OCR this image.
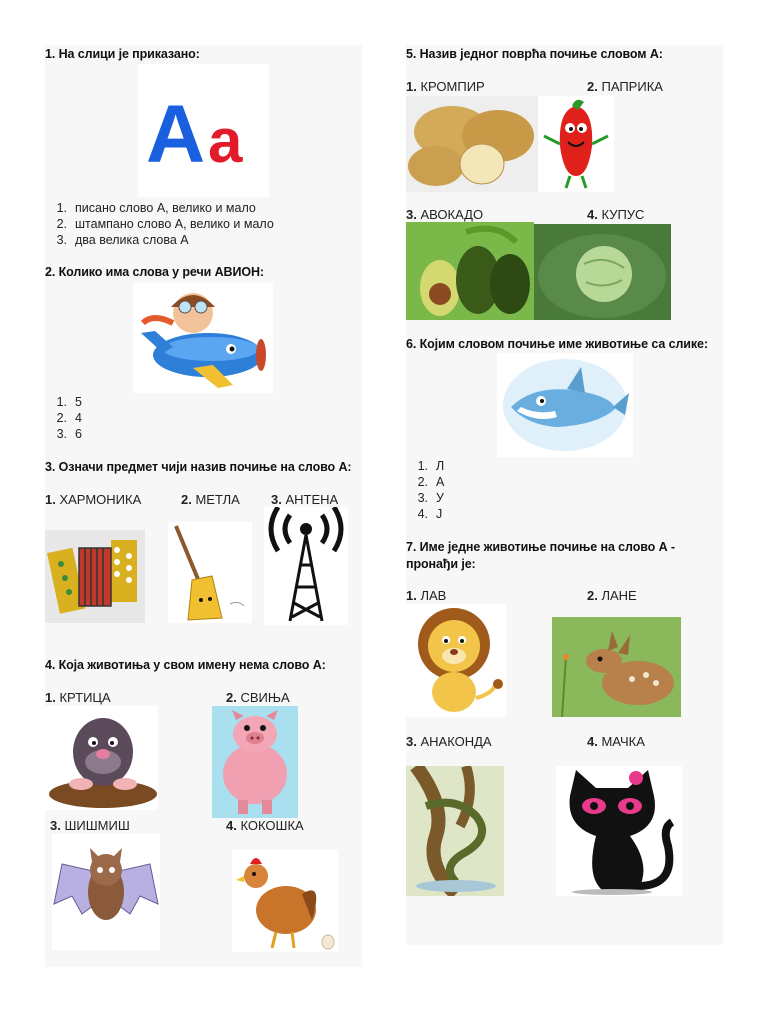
1. На слици је приказано:
A a
1. писано слово А, велико и мало
2. штампано слово А, велико и мало
3. два велика слова А
2. Колико има слова у речи АВИОН:
1. 5
2. 4
3. 6
3. Означи предмет чији назив почиње на слово А:
1. ХАРМОНИКА	2. МЕТЛА 3. АНТЕНА
4. Која животиња у свом имену нема слово А:
1. КРТИЦА	2. СВИЊА
3. ШИШМИШ	4. КОКОШКА
5. Назив једног поврћа почиње словом А:
1. КРОМПИР	2. ПАПРИКА
3. АВОКАДО	4. КУПУС
6. Којим словом почиње име животиње са слике:
1. Л
2. А
3. У
4. Ј
7. Име једне животиње почиње на слово А -
пронађи је:
1. ЛАВ	2. ЛАНЕ
3. АНАКОНДА	4. МАЧКА
